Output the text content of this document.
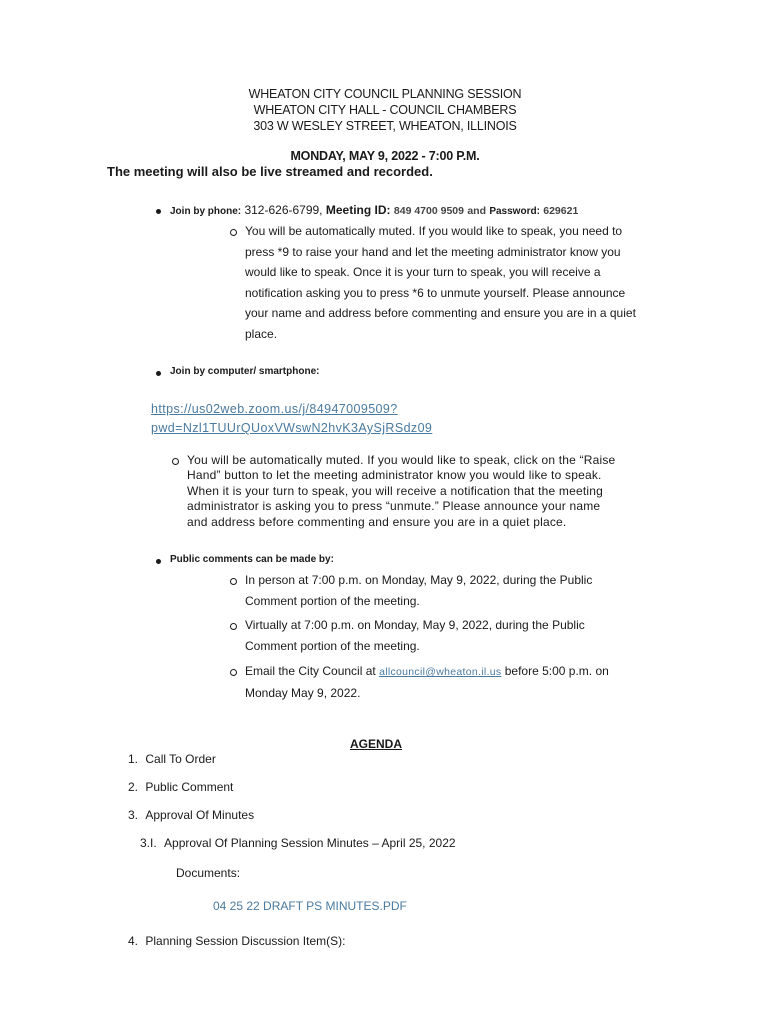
WHEATON CITY COUNCIL PLANNING SESSION
WHEATON CITY HALL - COUNCIL CHAMBERS
303 W WESLEY STREET, WHEATON, ILLINOIS
MONDAY, MAY 9, 2022 - 7:00 P.M.
The meeting will also be live streamed and recorded.
Join by phone: 312-626-6799, Meeting ID: 849 4700 9509 and Password: 629621
You will be automatically muted. If you would like to speak, you need to
press *9 to raise your hand and let the meeting administrator know you
would like to speak. Once it is your turn to speak, you will receive a
notification asking you to press *6 to unmute yourself. Please announce
your name and address before commenting and ensure you are in a quiet
place.
Join by computer/ smartphone:
https://us02web.zoom.us/j/84947009509?
pwd=Nzl1TUUrQUoxVWswN2hvK3AySjRSdz09
You will be automatically muted. If you would like to speak, click on the “Raise
Hand” button to let the meeting administrator know you would like to speak.
When it is your turn to speak, you will receive a notification that the meeting
administrator is asking you to press “unmute.” Please announce your name
and address before commenting and ensure you are in a quiet place.
Public comments can be made by:
In person at 7:00 p.m. on Monday, May 9, 2022, during the Public
Comment portion of the meeting.
Virtually at 7:00 p.m. on Monday, May 9, 2022, during the Public
Comment portion of the meeting.
Email the City Council at allcouncil@wheaton.il.us before 5:00 p.m. on
Monday May 9, 2022.
AGENDA
1. Call To Order
2. Public Comment
3. Approval Of Minutes
3.I. Approval Of Planning Session Minutes – April 25, 2022
Documents:
04 25 22 DRAFT PS MINUTES.PDF
4. Planning Session Discussion Item(S):
